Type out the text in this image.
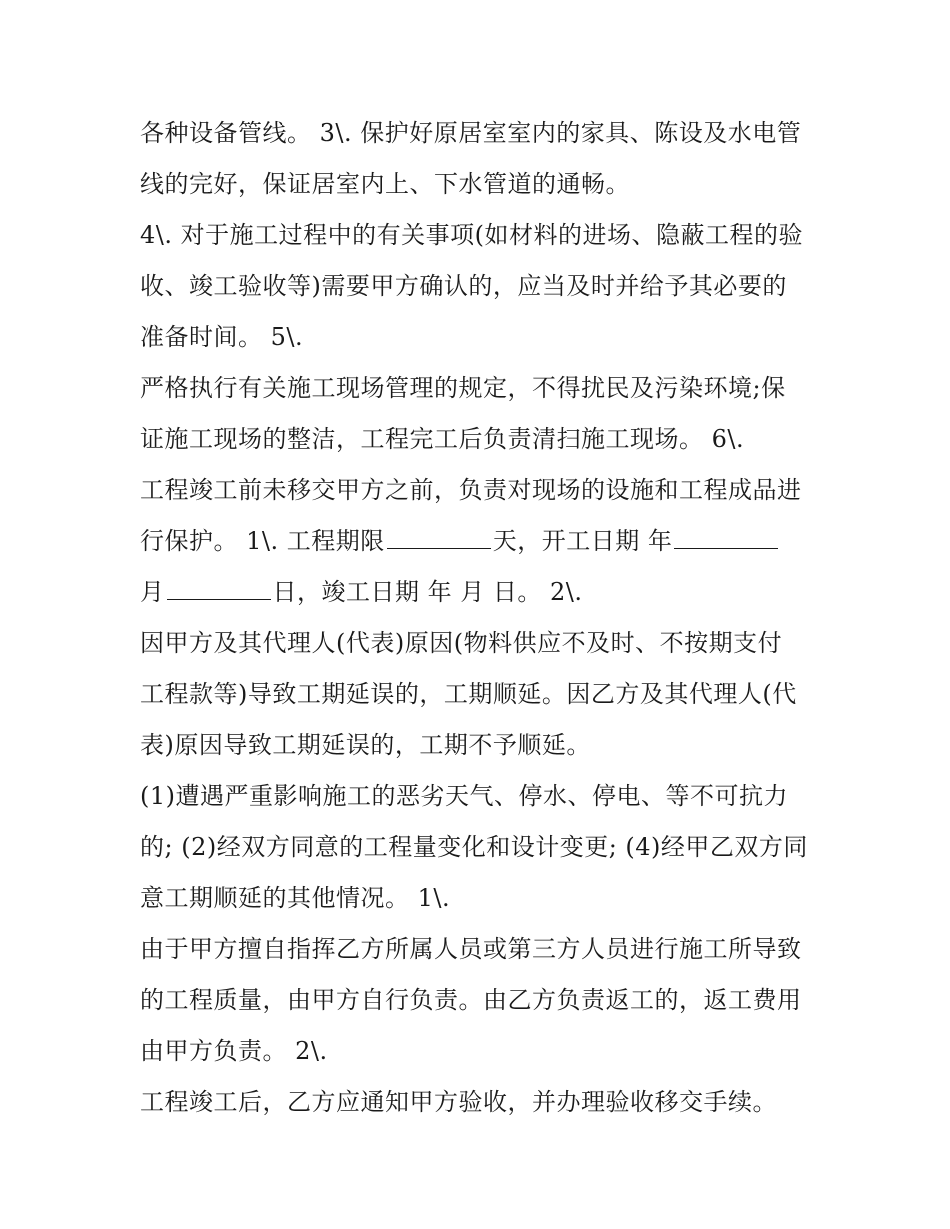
各种设备管线。 3\. 保护好原居室室内的家具、陈设及水电管
线的完好，保证居室内上、下水管道的通畅。
4\. 对于施工过程中的有关事项(如材料的进场、隐蔽工程的验
收、竣工验收等)需要甲方确认的，应当及时并给予其必要的
准备时间。 5\.
严格执行有关施工现场管理的规定，不得扰民及污染环境;保
证施工现场的整洁，工程完工后负责清扫施工现场。 6\.
工程竣工前未移交甲方之前，负责对现场的设施和工程成品进
行保护。 1\. 工程期限	天，开工日期 年
月	日，竣工日期 年 月 日。 2\.
因甲方及其代理人(代表)原因(物料供应不及时、不按期支付
工程款等)导致工期延误的，工期顺延。因乙方及其代理人(代
表)原因导致工期延误的，工期不予顺延。
(1)遭遇严重影响施工的恶劣天气、停水、停电、等不可抗力
的; (2)经双方同意的工程量变化和设计变更; (4)经甲乙双方同
意工期顺延的其他情况。 1\.
由于甲方擅自指挥乙方所属人员或第三方人员进行施工所导致
的工程质量，由甲方自行负责。由乙方负责返工的，返工费用
由甲方负责。 2\.
工程竣工后，乙方应通知甲方验收，并办理验收移交手续。
